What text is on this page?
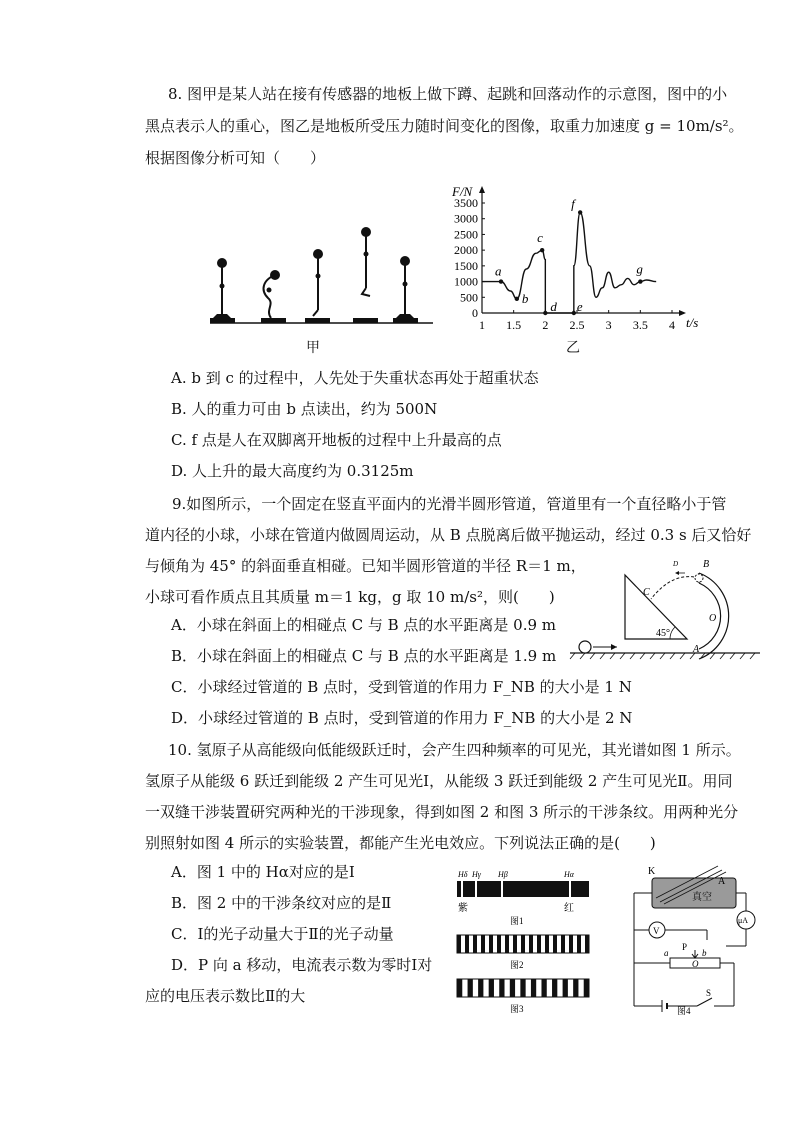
8. 图甲是某人站在接有传感器的地板上做下蹲、起跳和回落动作的示意图，图中的小
黑点表示人的重心，图乙是地板所受压力随时间变化的图像，取重力加速度 g = 10m/s²。
根据图像分析可知（　　）
甲
F/N
t/s
0
500
1000
1500
2000
2500
3000
3500
1 1.5 2 2.5 3 3.5 4
a
b
c
d e
f
g
乙
A. b 到 c 的过程中，人先处于失重状态再处于超重状态
B. 人的重力可由 b 点读出，约为 500N
C. f 点是人在双脚离开地板的过程中上升最高的点
D. 人上升的最大高度约为 0.3125m
9.如图所示，一个固定在竖直平面内的光滑半圆形管道，管道里有一个直径略小于管
道内径的小球，小球在管道内做圆周运动，从 B 点脱离后做平抛运动，经过 0.3 s 后又恰好
与倾角为 45° 的斜面垂直相碰。已知半圆形管道的半径 R＝1 m，
小球可看作质点且其质量 m＝1 kg，g 取 10 m/s²，则(　　)
45°
D B
C
O
A
A．小球在斜面上的相碰点 C 与 B 点的水平距离是 0.9 m
B．小球在斜面上的相碰点 C 与 B 点的水平距离是 1.9 m
C．小球经过管道的 B 点时，受到管道的作用力 F_NB 的大小是 1 N
D．小球经过管道的 B 点时，受到管道的作用力 F_NB 的大小是 2 N
10. 氢原子从高能级向低能级跃迁时，会产生四种频率的可见光，其光谱如图 1 所示。
氢原子从能级 6 跃迁到能级 2 产生可见光Ⅰ，从能级 3 跃迁到能级 2 产生可见光Ⅱ。用同
一双缝干涉装置研究两种光的干涉现象，得到如图 2 和图 3 所示的干涉条纹。用两种光分
别照射如图 4 所示的实验装置，都能产生光电效应。下列说法正确的是(　　)
A．图 1 中的 Hα对应的是Ⅰ
B．图 2 中的干涉条纹对应的是Ⅱ
C．Ⅰ的光子动量大于Ⅱ的光子动量
D．P 向 a 移动，电流表示数为零时Ⅰ对
应的电压表示数比Ⅱ的大
Hδ Hγ Hβ	Hα
紫	红
图1
图2
图3
真空
K
A
μA
V
P
a	b
O
S
图4
